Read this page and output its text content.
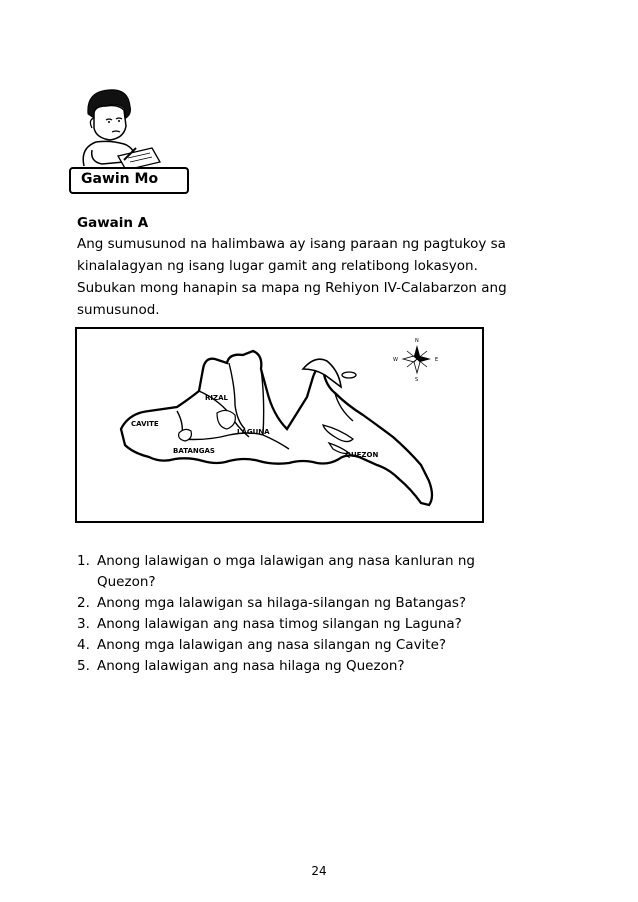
Gawin Mo
Gawain A

Ang sumusunod na halimbawa ay isang paraan ng pagtukoy sa
kinalalagyan ng isang lugar gamit ang relatibong lokasyon.
Subukan mong hanapin sa mapa ng Rehiyon IV-Calabarzon ang
sumusunod.

RIZAL
CAVITE
LAGUNA
BATANGAS	QUEZON
N
S
E
W
1. Anong lalawigan o mga lalawigan ang nasa kanluran ng
Quezon?
2. Anong mga lalawigan sa hilaga-silangan ng Batangas?
3. Anong lalawigan ang nasa timog silangan ng Laguna?
4. Anong mga lalawigan ang nasa silangan ng Cavite?
5. Anong lalawigan ang nasa hilaga ng Quezon?
24
